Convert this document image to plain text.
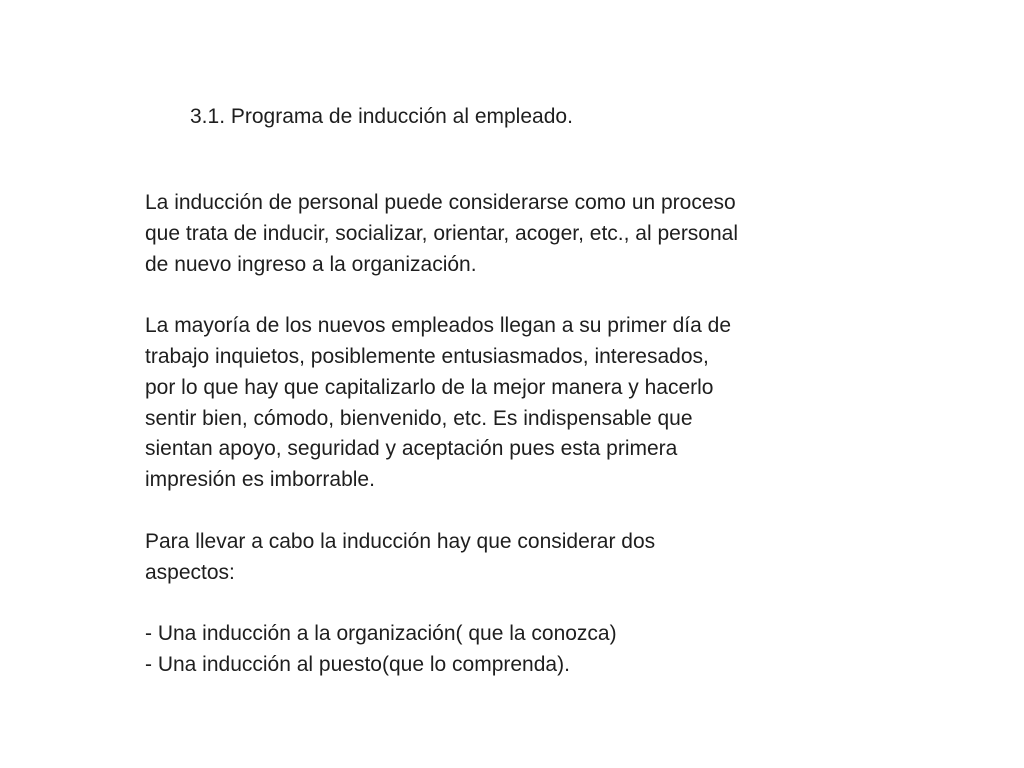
3.1. Programa de inducción al empleado.
La inducción de personal puede considerarse como un proceso
que trata de inducir, socializar, orientar, acoger, etc., al personal
de nuevo ingreso a la organización.
La mayoría de los nuevos empleados llegan a su primer día de
trabajo inquietos, posiblemente entusiasmados, interesados,
por lo que hay que capitalizarlo de la mejor manera y hacerlo
sentir bien, cómodo, bienvenido, etc. Es indispensable que
sientan apoyo, seguridad y aceptación pues esta primera
impresión es imborrable.
Para llevar a cabo la inducción hay que considerar dos
aspectos:
- Una inducción a la organización( que la conozca)
- Una inducción al puesto(que lo comprenda).
